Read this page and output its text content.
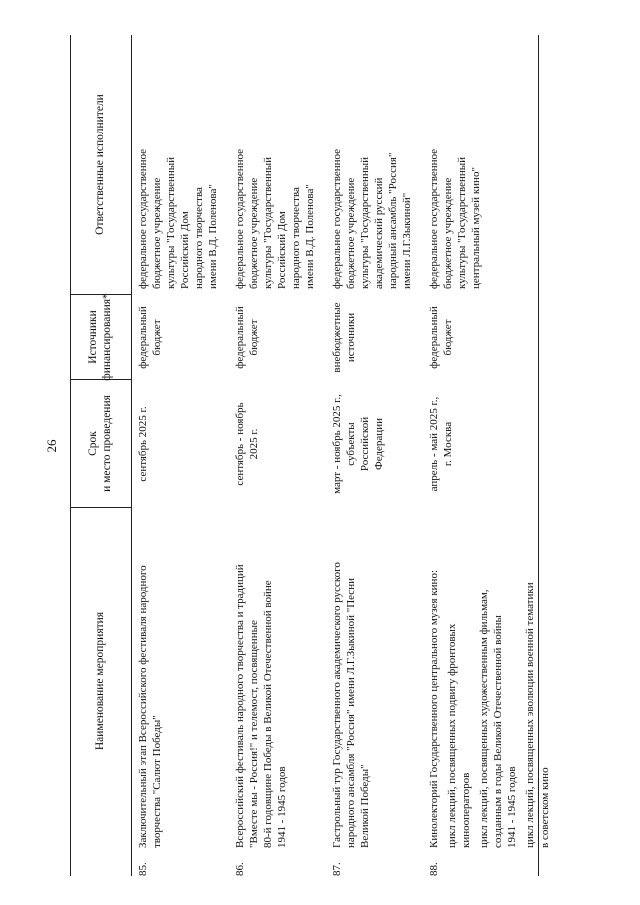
26
Наименование мероприятия
Срок и место проведения
Источники финансирования*
Ответственные исполнители
85.
Заключительный этап Всероссийского фестиваля народного творчества "Салют Победы"
сентябрь 2025 г.
федеральный бюджет
федеральное государственное бюджетное учреждение культуры "Государственный Российский Дом народного творчества имени В.Д. Поленова"
86.
Всероссийский фестиваль народного творчества и традиций "Вместе мы - Россия!" и телемост, посвященные 80-й годовщине Победы в Великой Отечественной войне 1941 - 1945 годов
сентябрь - ноябрь 2025 г.
федеральный бюджет
федеральное государственное бюджетное учреждение культуры "Государственный Российский Дом народного творчества имени В.Д. Поленова"
87.
Гастрольный тур Государственного академического русского народного ансамбля "Россия" имени Л.Г.Зыкиной "Песни Великой Победы"
март - ноябрь 2025 г., субъекты Российской Федерации
внебюджетные источники
федеральное государственное бюджетное учреждение культуры "Государственный академический русский народный ансамбль "Россия" имени Л.Г.Зыкиной"
88.
Кинолекторий Государственного центрального музея кино: цикл лекций, посвященных подвигу фронтовых кинооператоров цикл лекций, посвященных художественным фильмам, созданным в годы Великой Отечественной войны 1941 - 1945 годов цикл лекций, посвященных эволюции военной тематики в советском кино
апрель - май 2025 г., г. Москва
федеральный бюджет
федеральное государственное бюджетное учреждение культуры "Государственный центральный музей кино"
